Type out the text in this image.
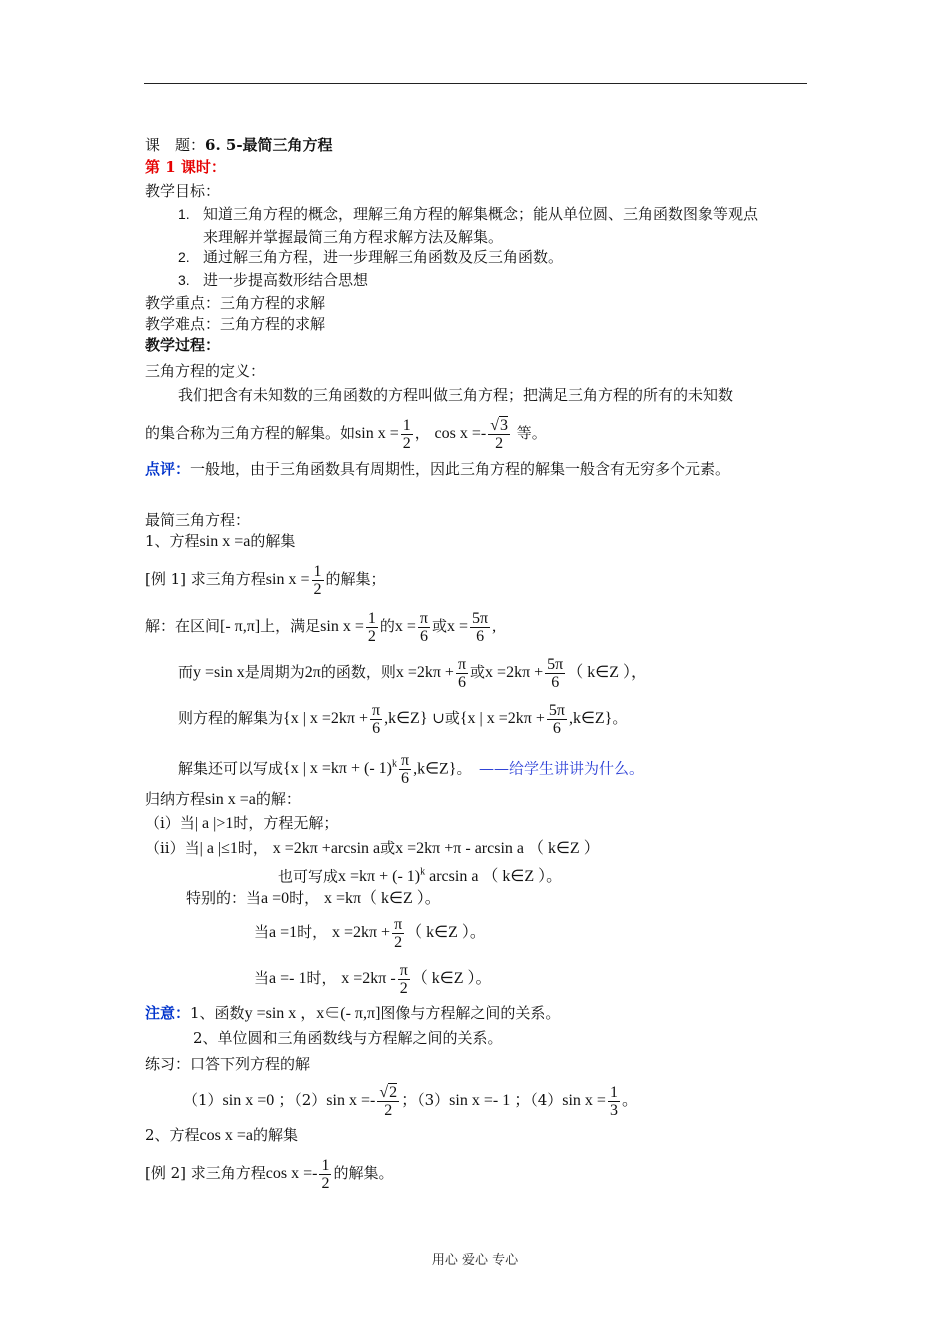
课　题：6. 5-最简三角方程
第 1 课时：
教学目标：
1. 知道三角方程的概念，理解三角方程的解集概念；能从单位圆、三角函数图象等观点
来理解并掌握最简三角方程求解方法及解集。
2. 通过解三角方程，进一步理解三角函数及反三角函数。
3. 进一步提高数形结合思想
教学重点：三角方程的求解
教学难点：三角方程的求解
教学过程：
三角方程的定义：
我们把含有未知数的三角函数的方程叫做三角方程；把满足三角方程的所有的未知数
的集合称为三角方程的解集。如$\sin x = \frac{1}{2}$ ， $\cos x =- \frac{√3}{2}$ 等。
点评：一般地，由于三角函数具有周期性，因此三角方程的解集一般含有无穷多个元素。
最简三角方程：
1、方程sin x =a的解集
[例 1] 求三角方程$\sin x = \frac{1}{2}$ 的解集；
解：在区间[- π,π]上，满足$\sin x = \frac{1}{2}$ 的$x = \frac{\pi}{6}$ 或$x = \frac{5\pi}{6}$ ,
而y =sin x是周期为2π的函数，则$x =2k\pi + \frac{\pi}{6}$ 或$x =2k\pi + \frac{5\pi}{6}$ （ k∈Z ），
则方程的解集为{x | $x =2k\pi + \frac{\pi}{6}$ ,k∈Z} ∪或{x | $x =2k\pi + \frac{5\pi}{6}$ ,k∈Z}。
解集还可以写成{x | x =kπ + (- $1)^k \frac{\pi}{6}$ ,k∈Z}。　——给学生讲讲为什么。
归纳方程sin x =a的解：
（i）当| a |>1时，方程无解；
（ii）当| a |≤1时， x =2kπ +arcsin a或x =2kπ +π - arcsin a （ k∈Z ）
也可写成x =kπ + (- 1)$^k$ arcsin a （ k∈Z ）。
特别的：当a =0时， x =kπ（ k∈Z ）。
当a =1时， $x =2k\pi + \frac{\pi}{2}$ （ k∈Z ）。
当a =- 1时， $x =2k\pi - \frac{\pi}{2}$ （ k∈Z ）。
注意：1、函数y =sin x ，x∈(- π,π]图像与方程解之间的关系。
2、单位圆和三角函数线与方程解之间的关系。
练习：口答下列方程的解
（1）sin x =0 ；（2）sin $x =- \frac{√2}{2}$ ；（3）sin x =- 1 ；（4）sin $x = \frac{1}{3}$ 。
2、方程cos x =a的解集
[例 2] 求三角方程$\cos x =- \frac{1}{2}$ 的解集。
用心 爱心 专心
